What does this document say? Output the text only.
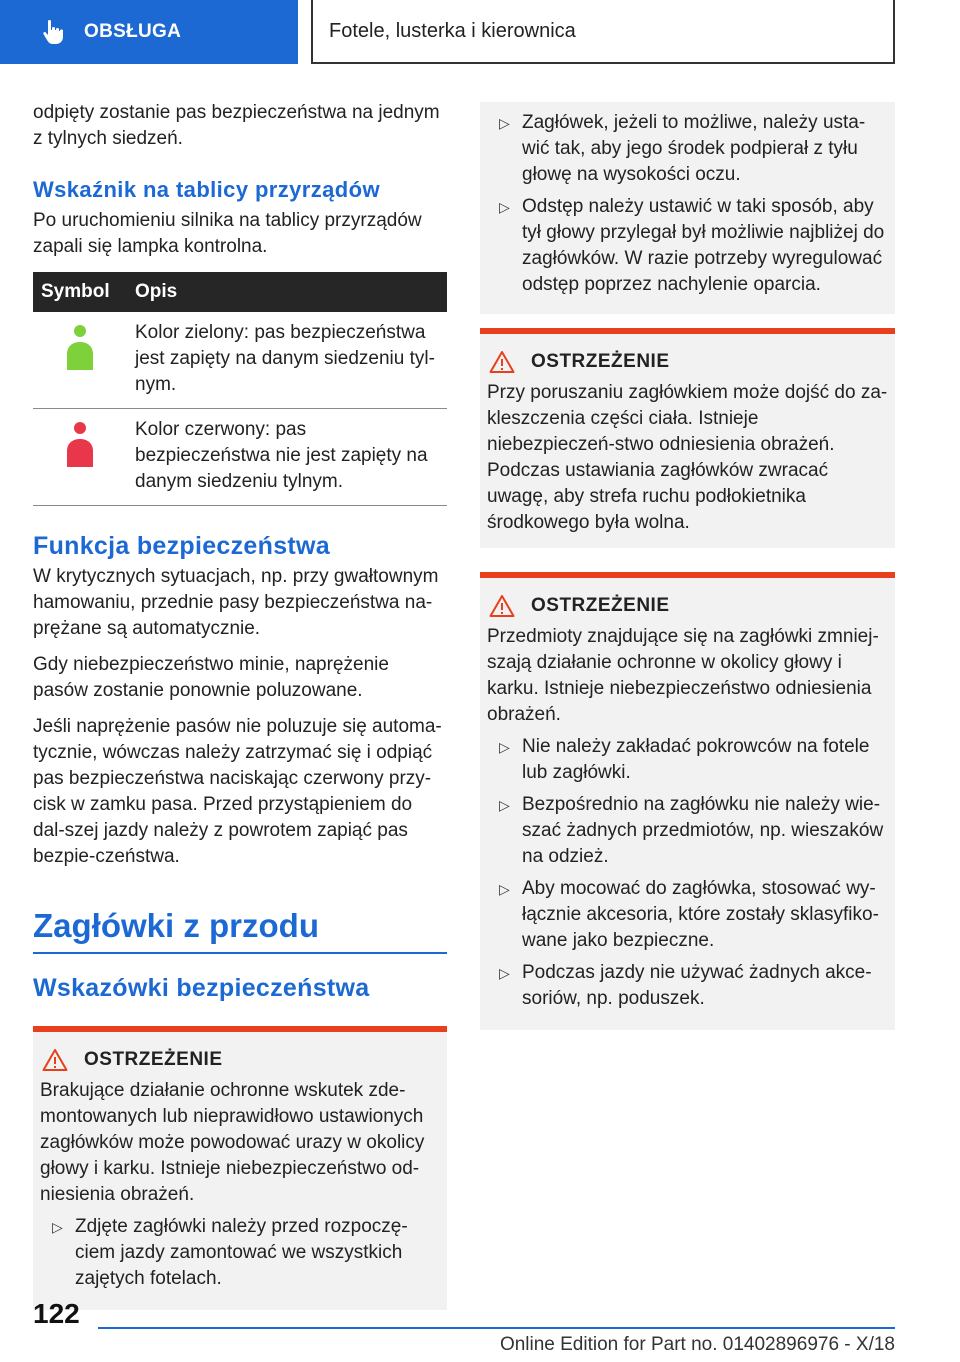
OBSŁUGA	Fotele, lusterka i kierownica

odpięty zostanie pas bezpieczeństwa na jednym z tylnych siedzeń.

Wskaźnik na tablicy przyrządów

Po uruchomieniu silnika na tablicy przyrządów zapali się lampka kontrolna.

Symbol	Opis
	Kolor zielony: pas bezpieczeństwa jest zapięty na danym siedzeniu tyl-nym.
	Kolor czerwony: pas bezpieczeństwa nie jest zapięty na danym siedzeniu tylnym.
Funkcja bezpieczeństwa

W krytycznych sytuacjach, np. przy gwałtownym hamowaniu, przednie pasy bezpieczeństwa na-prężane są automatycznie.

Gdy niebezpieczeństwo minie, naprężenie pasów zostanie ponownie poluzowane.

Jeśli naprężenie pasów nie poluzuje się automa-tycznie, wówczas należy zatrzymać się i odpiąć pas bezpieczeństwa naciskając czerwony przy-cisk w zamku pasa. Przed przystąpieniem do dal-szej jazdy należy z powrotem zapiąć pas bezpie-czeństwa.

Zagłówki z przodu
Wskazówki bezpieczeństwa
OSTRZEŻENIE

Brakujące działanie ochronne wskutek zde-montowanych lub nieprawidłowo ustawionych zagłówków może powodować urazy w okolicy głowy i karku. Istnieje niebezpieczeństwo od-niesienia obrażeń.

▷ Zdjęte zagłówki należy przed rozpoczę-ciem jazdy zamontować we wszystkich zajętych fotelach.
▷ Zagłówek, jeżeli to możliwe, należy usta-wić tak, aby jego środek podpierał z tyłu głowę na wysokości oczu.
▷ Odstęp należy ustawić w taki sposób, aby tył głowy przylegał był możliwie najbliżej do zagłówków. W razie potrzeby wyregulować odstęp poprzez nachylenie oparcia.
OSTRZEŻENIE

Przy poruszaniu zagłówkiem może dojść do za-kleszczenia części ciała. Istnieje niebezpieczeń-stwo odniesienia obrażeń. Podczas ustawiania zagłówków zwracać uwagę, aby strefa ruchu podłokietnika środkowego była wolna.

OSTRZEŻENIE

Przedmioty znajdujące się na zagłówki zmniej-szają działanie ochronne w okolicy głowy i karku. Istnieje niebezpieczeństwo odniesienia obrażeń.

▷ Nie należy zakładać pokrowców na fotele lub zagłówki.
▷ Bezpośrednio na zagłówku nie należy wie-szać żadnych przedmiotów, np. wieszaków na odzież.
▷ Aby mocować do zagłówka, stosować wy-łącznie akcesoria, które zostały sklasyfiko-wane jako bezpieczne.
▷ Podczas jazdy nie używać żadnych akce-soriów, np. poduszek.
122
Online Edition for Part no. 01402896976 - X/18
